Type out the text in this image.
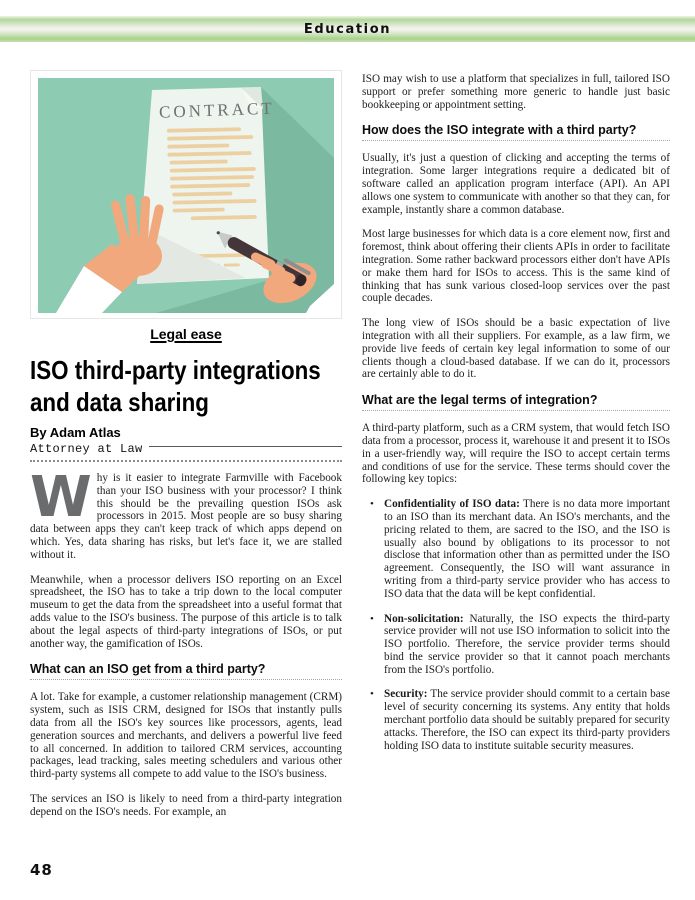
Education
CONTRACT
Legal ease
ISO third-party integrations
and data sharing
By Adam Atlas
Attorney at Law

Why is it easier to integrate Farmville with Facebook than your ISO business with your processor? I think this should be the prevailing question ISOs ask processors in 2015. Most people are so busy sharing data between apps they can't keep track of which apps depend on which. Yes, data sharing has risks, but let's face it, we are stalled without it.

Meanwhile, when a processor delivers ISO reporting on an Excel spreadsheet, the ISO has to take a trip down to the local computer museum to get the data from the spreadsheet into a useful format that adds value to the ISO's business. The purpose of this article is to talk about the legal aspects of third-party integrations of ISOs, or put another way, the gamification of ISOs.

What can an ISO get from a third party?

A lot. Take for example, a customer relationship management (CRM) system, such as ISIS CRM, designed for ISOs that instantly pulls data from all the ISO's key sources like processors, agents, lead generation sources and merchants, and delivers a powerful live feed to all concerned. In addition to tailored CRM services, accounting packages, lead tracking, sales meeting schedulers and various other third-party systems all compete to add value to the ISO's business.

The services an ISO is likely to need from a third-party integration depend on the ISO's needs. For example, an

ISO may wish to use a platform that specializes in full, tailored ISO support or prefer something more generic to handle just basic bookkeeping or appointment setting.

How does the ISO integrate with a third party?

Usually, it's just a question of clicking and accepting the terms of integration. Some larger integrations require a dedicated bit of software called an application program interface (API). An API allows one system to communicate with another so that they can, for example, instantly share a common database.

Most large businesses for which data is a core element now, first and foremost, think about offering their clients APIs in order to facilitate integration. Some rather backward processors either don't have APIs or make them hard for ISOs to access. This is the same kind of thinking that has sunk various closed-loop services over the past couple decades.

The long view of ISOs should be a basic expectation of live integration with all their suppliers. For example, as a law firm, we provide live feeds of certain key legal information to some of our clients though a cloud-based database. If we can do it, processors are certainly able to do it.

What are the legal terms of integration?

A third-party platform, such as a CRM system, that would fetch ISO data from a processor, process it, warehouse it and present it to ISOs in a user-friendly way, will require the ISO to accept certain terms and conditions of use for the service. These terms should cover the following key topics:

• Confidentiality of ISO data: There is no data more important to an ISO than its merchant data. An ISO's merchants, and the pricing related to them, are sacred to the ISO, and the ISO is usually also bound by obligations to its processor to not disclose that information other than as permitted under the ISO agreement. Consequently, the ISO will want assurance in writing from a third-party service provider who has access to ISO data that the data will be kept confidential.
• Non-solicitation: Naturally, the ISO expects the third-party service provider will not use ISO information to solicit into the ISO portfolio. Therefore, the service provider terms should bind the service provider so that it cannot poach merchants from the ISO's portfolio.
• Security: The service provider should commit to a certain base level of security concerning its systems. Any entity that holds merchant portfolio data should be suitably prepared for security attacks. Therefore, the ISO can expect its third-party providers holding ISO data to institute suitable security measures.
48
